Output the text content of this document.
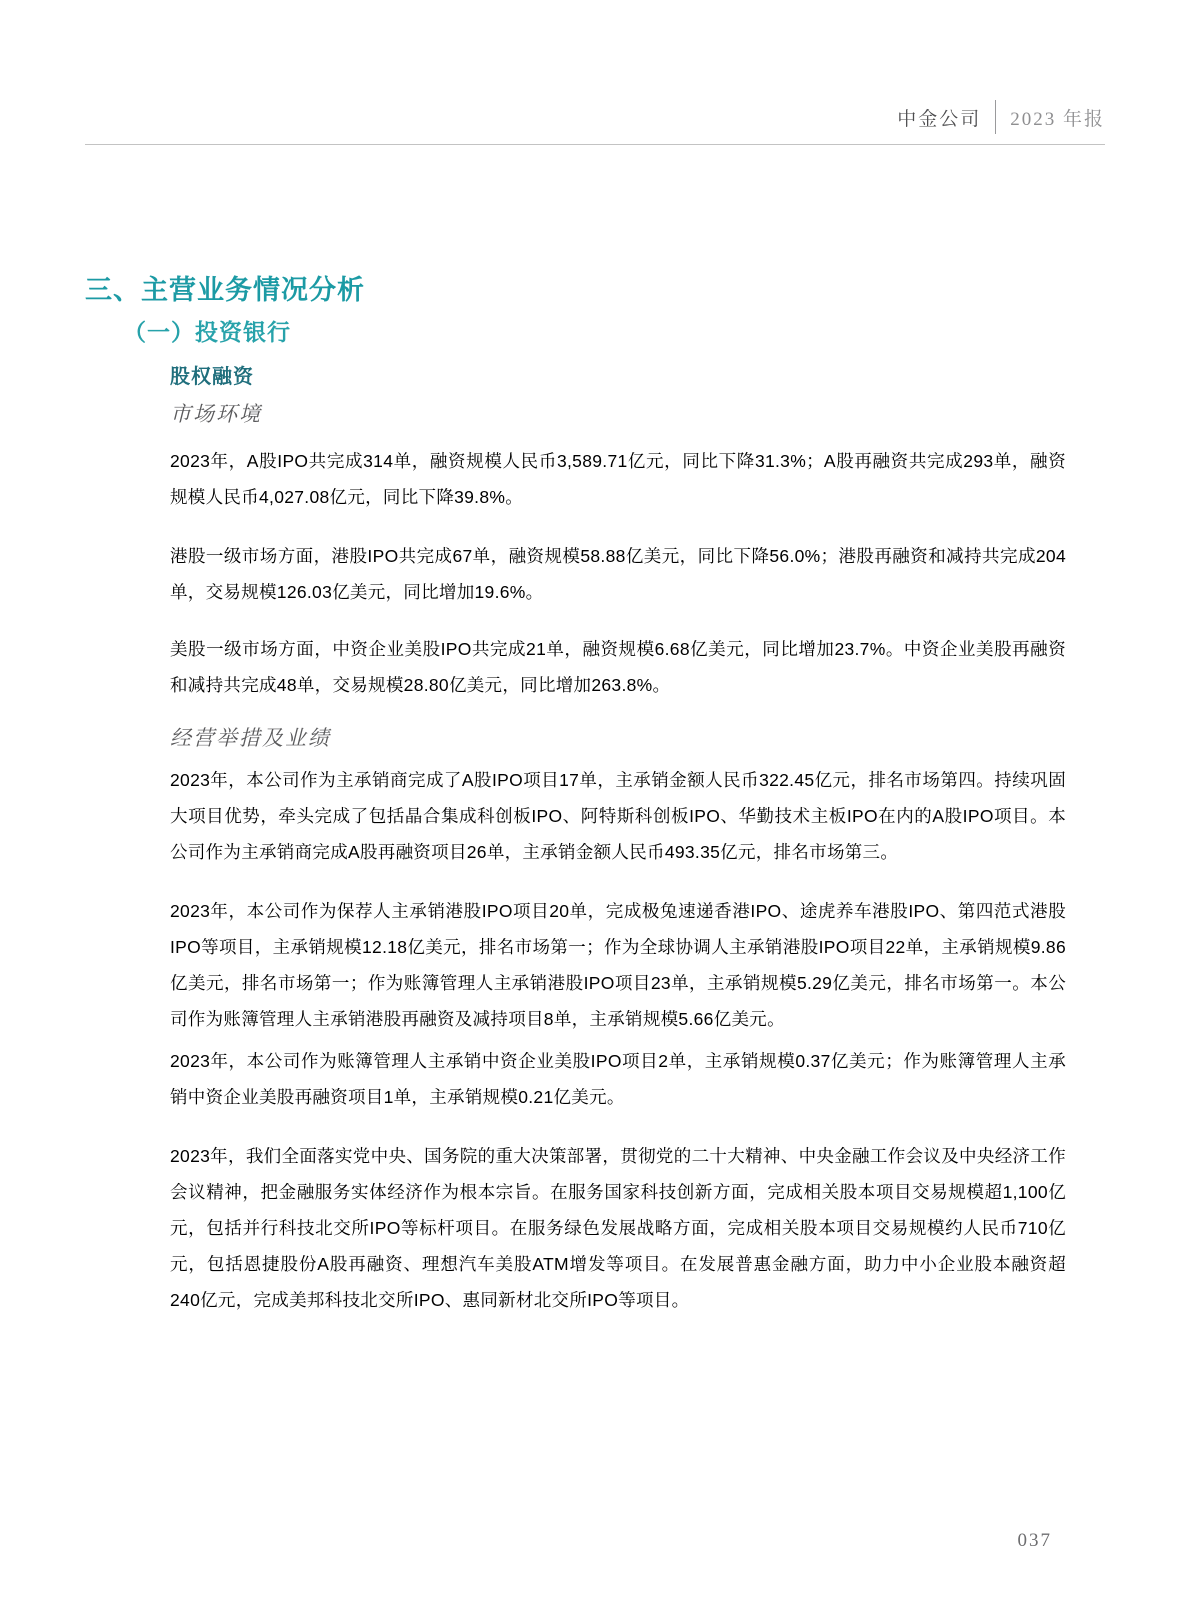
中金公司 2023 年报
三、主营业务情况分析
（一）投资银行
股权融资
市场环境

2023年，A股IPO共完成314单，融资规模人民币3,589.71亿元，同比下降31.3%；A股再融资共完成293单，融资规模人民币4,027.08亿元，同比下降39.8%。

港股一级市场方面，港股IPO共完成67单，融资规模58.88亿美元，同比下降56.0%；港股再融资和减持共完成204单，交易规模126.03亿美元，同比增加19.6%。

美股一级市场方面，中资企业美股IPO共完成21单，融资规模6.68亿美元，同比增加23.7%。中资企业美股再融资和减持共完成48单，交易规模28.80亿美元，同比增加263.8%。

经营举措及业绩

2023年，本公司作为主承销商完成了A股IPO项目17单，主承销金额人民币322.45亿元，排名市场第四。持续巩固大项目优势，牵头完成了包括晶合集成科创板IPO、阿特斯科创板IPO、华勤技术主板IPO在内的A股IPO项目。本公司作为主承销商完成A股再融资项目26单，主承销金额人民币493.35亿元，排名市场第三。

2023年，本公司作为保荐人主承销港股IPO项目20单，完成极兔速递香港IPO、途虎养车港股IPO、第四范式港股IPO等项目，主承销规模12.18亿美元，排名市场第一；作为全球协调人主承销港股IPO项目22单，主承销规模9.86亿美元，排名市场第一；作为账簿管理人主承销港股IPO项目23单，主承销规模5.29亿美元，排名市场第一。本公司作为账簿管理人主承销港股再融资及减持项目8单，主承销规模5.66亿美元。

2023年，本公司作为账簿管理人主承销中资企业美股IPO项目2单，主承销规模0.37亿美元；作为账簿管理人主承销中资企业美股再融资项目1单，主承销规模0.21亿美元。

2023年，我们全面落实党中央、国务院的重大决策部署，贯彻党的二十大精神、中央金融工作会议及中央经济工作会议精神，把金融服务实体经济作为根本宗旨。在服务国家科技创新方面，完成相关股本项目交易规模超1,100亿元，包括并行科技北交所IPO等标杆项目。在服务绿色发展战略方面，完成相关股本项目交易规模约人民币710亿元，包括恩捷股份A股再融资、理想汽车美股ATM增发等项目。在发展普惠金融方面，助力中小企业股本融资超240亿元，完成美邦科技北交所IPO、惠同新材北交所IPO等项目。

037
